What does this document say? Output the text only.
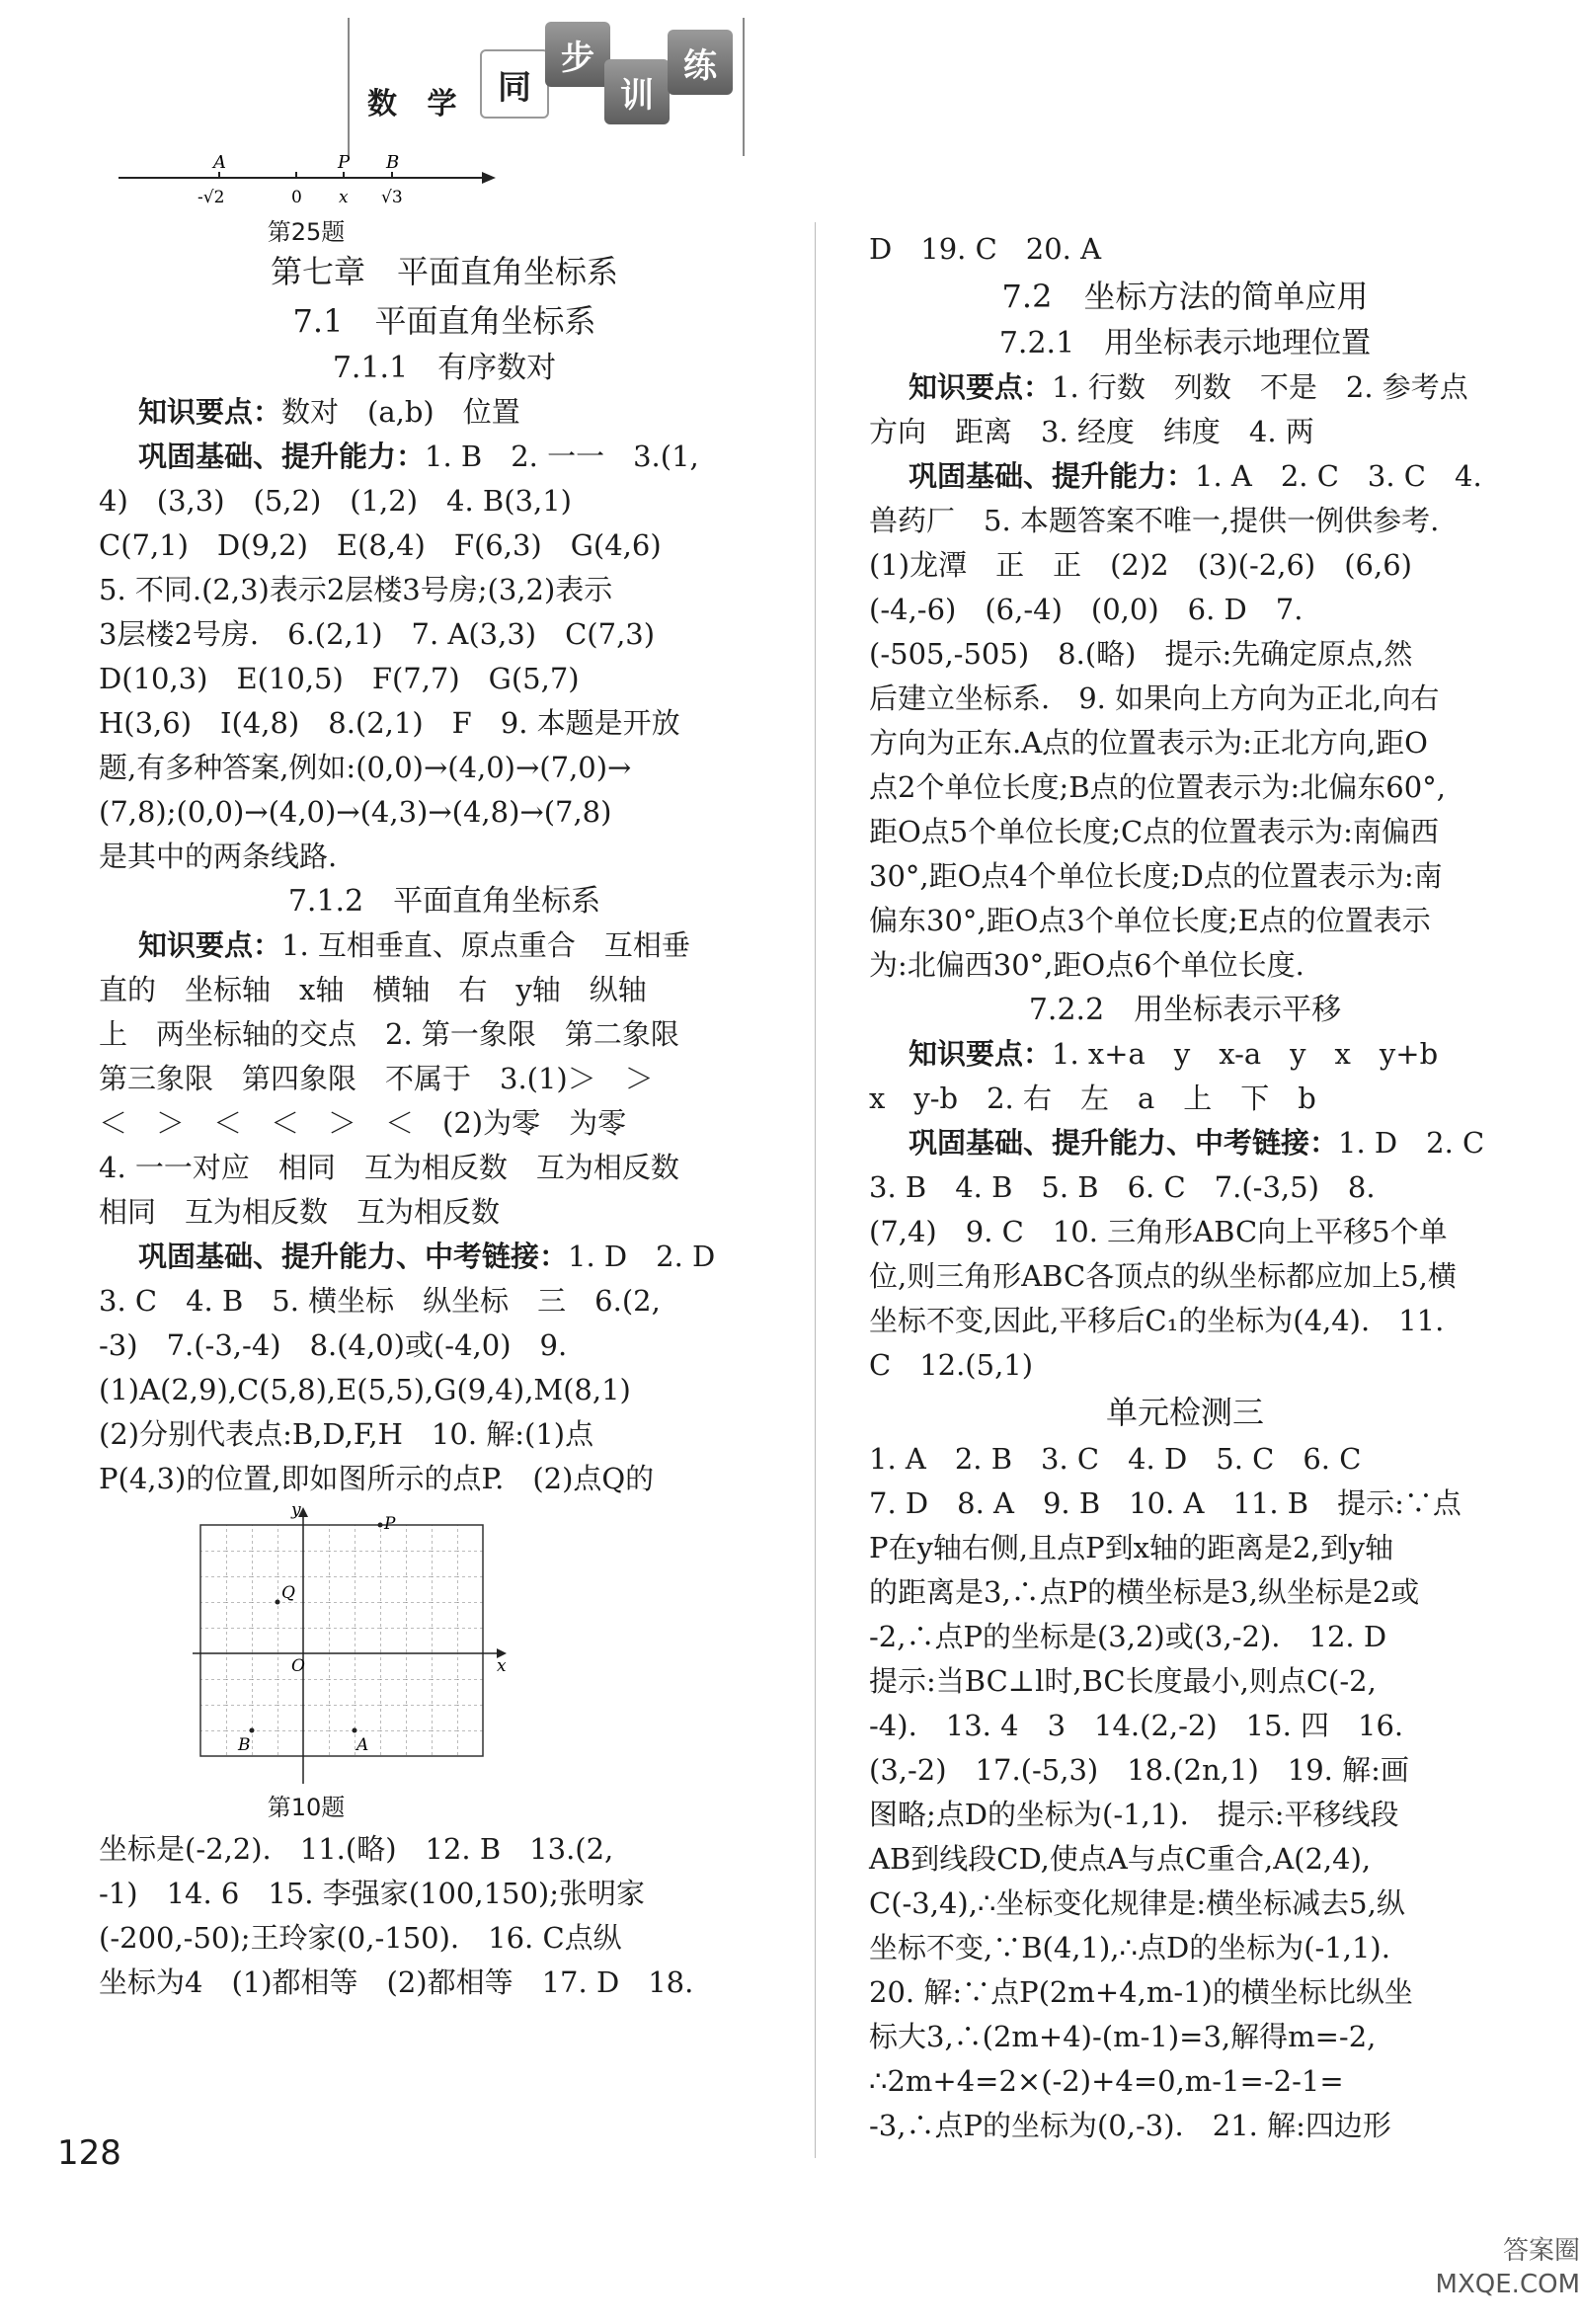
数 学 同
步
训
练
A	P B
-√2	0 x √3
第25题

第七章　平面直角坐标系

7.1　平面直角坐标系

7.1.1　有序数对

知识要点：数对　(a,b)　位置

巩固基础、提升能力：1. B　2. 一一　3.(1,

4)　(3,3)　(5,2)　(1,2)　4. B(3,1)

C(7,1)　D(9,2)　E(8,4)　F(6,3)　G(4,6)

5. 不同.(2,3)表示2层楼3号房;(3,2)表示

3层楼2号房.　6.(2,1)　7. A(3,3)　C(7,3)

D(10,3)　E(10,5)　F(7,7)　G(5,7)

H(3,6)　I(4,8)　8.(2,1)　F　9. 本题是开放

题,有多种答案,例如:(0,0)→(4,0)→(7,0)→

(7,8);(0,0)→(4,0)→(4,3)→(4,8)→(7,8)

是其中的两条线路.

7.1.2　平面直角坐标系

知识要点：1. 互相垂直、原点重合　互相垂

直的　坐标轴　x轴　横轴　右　y轴　纵轴

上　两坐标轴的交点　2. 第一象限　第二象限

第三象限　第四象限　不属于　3.(1)＞　＞

＜　＞　＜　＜　＞　＜　(2)为零　为零

4. 一一对应　相同　互为相反数　互为相反数

相同　互为相反数　互为相反数

巩固基础、提升能力、中考链接：1. D　2. D

3. C　4. B　5. 横坐标　纵坐标　三　6.(2,

-3)　7.(-3,-4)　8.(4,0)或(-4,0)　9.

(1)A(2,9),C(5,8),E(5,5),G(9,4),M(8,1)

(2)分别代表点:B,D,F,H　10. 解:(1)点

P(4,3)的位置,即如图所示的点P.　(2)点Q的

y
x
O
P
Q
B	A

第10题

坐标是(-2,2).　11.(略)　12. B　13.(2,

-1)　14. 6　15. 李强家(100,150);张明家

(-200,-50);王玲家(0,-150).　16. C点纵

坐标为4　(1)都相等　(2)都相等　17. D　18.

D　19. C　20. A

7.2　坐标方法的简单应用

7.2.1　用坐标表示地理位置

知识要点：1. 行数　列数　不是　2. 参考点

方向　距离　3. 经度　纬度　4. 两

巩固基础、提升能力：1. A　2. C　3. C　4.

兽药厂　5. 本题答案不唯一,提供一例供参考.

(1)龙潭　正　正　(2)2　(3)(-2,6)　(6,6)

(-4,-6)　(6,-4)　(0,0)　6. D　7.

(-505,-505)　8.(略)　提示:先确定原点,然

后建立坐标系.　9. 如果向上方向为正北,向右

方向为正东.A点的位置表示为:正北方向,距O

点2个单位长度;B点的位置表示为:北偏东60°,

距O点5个单位长度;C点的位置表示为:南偏西

30°,距O点4个单位长度;D点的位置表示为:南

偏东30°,距O点3个单位长度;E点的位置表示

为:北偏西30°,距O点6个单位长度.

7.2.2　用坐标表示平移

知识要点：1. x+a　y　x-a　y　x　y+b

x　y-b　2. 右　左　a　上　下　b

巩固基础、提升能力、中考链接：1. D　2. C

3. B　4. B　5. B　6. C　7.(-3,5)　8.

(7,4)　9. C　10. 三角形ABC向上平移5个单

位,则三角形ABC各顶点的纵坐标都应加上5,横

坐标不变,因此,平移后C₁的坐标为(4,4).　11.

C　12.(5,1)

单元检测三

1. A　2. B　3. C　4. D　5. C　6. C

7. D　8. A　9. B　10. A　11. B　提示:∵点

P在y轴右侧,且点P到x轴的距离是2,到y轴

的距离是3,∴点P的横坐标是3,纵坐标是2或

-2,∴点P的坐标是(3,2)或(3,-2).　12. D

提示:当BC⊥l时,BC长度最小,则点C(-2,

-4).　13. 4　3　14.(2,-2)　15. 四　16.

(3,-2)　17.(-5,3)　18.(2n,1)　19. 解:画

图略;点D的坐标为(-1,1).　提示:平移线段

AB到线段CD,使点A与点C重合,A(2,4),

C(-3,4),∴坐标变化规律是:横坐标减去5,纵

坐标不变,∵B(4,1),∴点D的坐标为(-1,1).

20. 解:∵点P(2m+4,m-1)的横坐标比纵坐

标大3,∴(2m+4)-(m-1)=3,解得m=-2,

∴2m+4=2×(-2)+4=0,m-1=-2-1=

-3,∴点P的坐标为(0,-3).　21. 解:四边形

128
答案圈
MXQE.COM
